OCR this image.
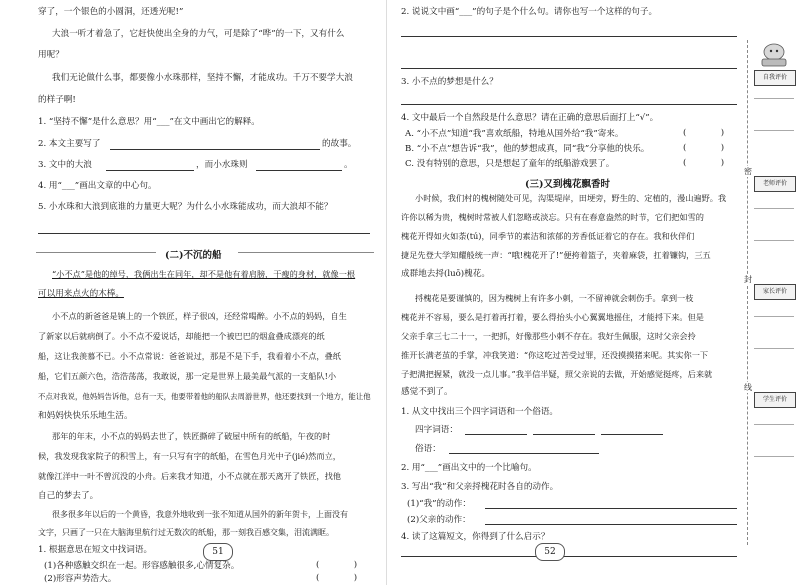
穿了，一个银色的小圆洞，还透光呢!”
大浪一听才着急了，它赶快使出全身的力气，可是除了“哗”的一下，又有什么
用呢？
我们无论做什么事，都要像小水珠那样，坚持不懈，才能成功。千万不要学大浪
的样子啊!
1. “坚持不懈”是什么意思？用“___”在文中画出它的解释。
2. 本文主要写了	的故事。
3. 文中的大浪	，而小水珠则	。
4. 用“___”画出文章的中心句。
5. 小水珠和大浪到底谁的力量更大呢？为什么小水珠能成功，而大浪却不能？
(二)不沉的船
“小不点”是他的绰号，我俩出生在同年，却不是他有着肩膀，干瘦的身材，就像一根
可以用来点火的木棒。
小不点的新爸爸是镇上的一个铁匠，样子很凶，还经常喝醉。小不点的妈妈，自生
了新家以后就病倒了。小不点不爱说话，却能把一个被巴巴的烟盒叠成漂亮的纸
船，这让我羡慕不已。小不点常说：爸爸说过，那是不是下手，我看着小不点，叠纸
船，它们五颜六色，浩浩荡荡，我敢说，那一定是世界上最美最气派的一支船队!小
不点对我说，他妈妈告诉他，总有一天，他要带着他的船队去周游世界，他还要找到一个地方，能让他
和妈妈快快乐乐地生活。
那年的年末，小不点的妈妈去世了，铁匠撕碎了破屋中所有的纸船，午夜的时
候，我发现我家院子的积雪上，有一只写有字的纸船，在雪色月光中子(jié)然而立，
就像江洋中一叶不曾沉没的小舟。后来我才知道，小不点就在那天离开了铁匠，找他
自己的梦去了。
很多很多年以后的一个黄昏，我意外地收到一张不知道从国外的新年贺卡，上面没有
文字，只画了一只在大脑海里航行过无数次的纸船，那一刻我百感交集，泪流满眶。
1. 根据意思在短文中找词语。
(1)各种感触交织在一起。形容感触很多,心情复杂。	(    )
(2)形容声势浩大。	(    )
51
2. 说说文中画“___”的句子是个什么句。请你也写一个这样的句子。
3. 小不点的梦想是什么？
4. 文中最后一个自然段是什么意思？请在正确的意思后面打上“√”。
A. “小不点”知道“我”喜欢纸船，特地从国外给“我”寄来。	(    )
B. “小不点”想告诉“我”，他的梦想成真，同“我”分享他的快乐。	(    )
C. 没有特别的意思，只是想起了童年的纸船游戏罢了。	(    )
(三)又到槐花飘香时
小时候，我们村的槐树随处可见，沟渠堤岸，田埂旁，野生的、定植的，漫山遍野。我
许你以稀为贵，槐树时常被人们忽略或淡忘。只有在春意盎然的时节，它们把如雪的
槐花开得如火如荼(tú)，同季节的素洁和浓郁的芳香低证着它的存在。我和伙伴们
捷足先登大学知耀般统一声：“哦!槐花开了!”便挎着篮子，夹着麻袋，扛着镰钩，三五
成群地去捋(luō)槐花。
捋槐花是要谨慎的，因为槐树上有许多小刺，一不留神就会刺伤手。拿到一枝
槐花并不容易，要么是打着再打着，要么得抬头小心翼翼地摇住，才能捋下来。但是
父亲手拿三七二十一，一把抓，好像那些小刺不存在。我好生佩服，这时父亲会拎
推开长满老茧的手掌，冲我笑道：“你这吃过苦受过罪，还没摸摸猪来呢。其实你一下
子把满把握紧，就没一点儿事。”我半信半疑，照父亲说的去做，开始感觉挺疼，后来就
感觉不到了。
1. 从文中找出三个四字词语和一个俗语。
四字词语：
俗语：
2. 用“___”画出文中的一个比喻句。
3. 写出“我”和父亲捋槐花时各自的动作。
(1)“我”的动作：
(2)父亲的动作：
4. 读了这篇短文，你得到了什么启示？
52
自我评价
密
老师评价
封
家长评价
线
学生评价
